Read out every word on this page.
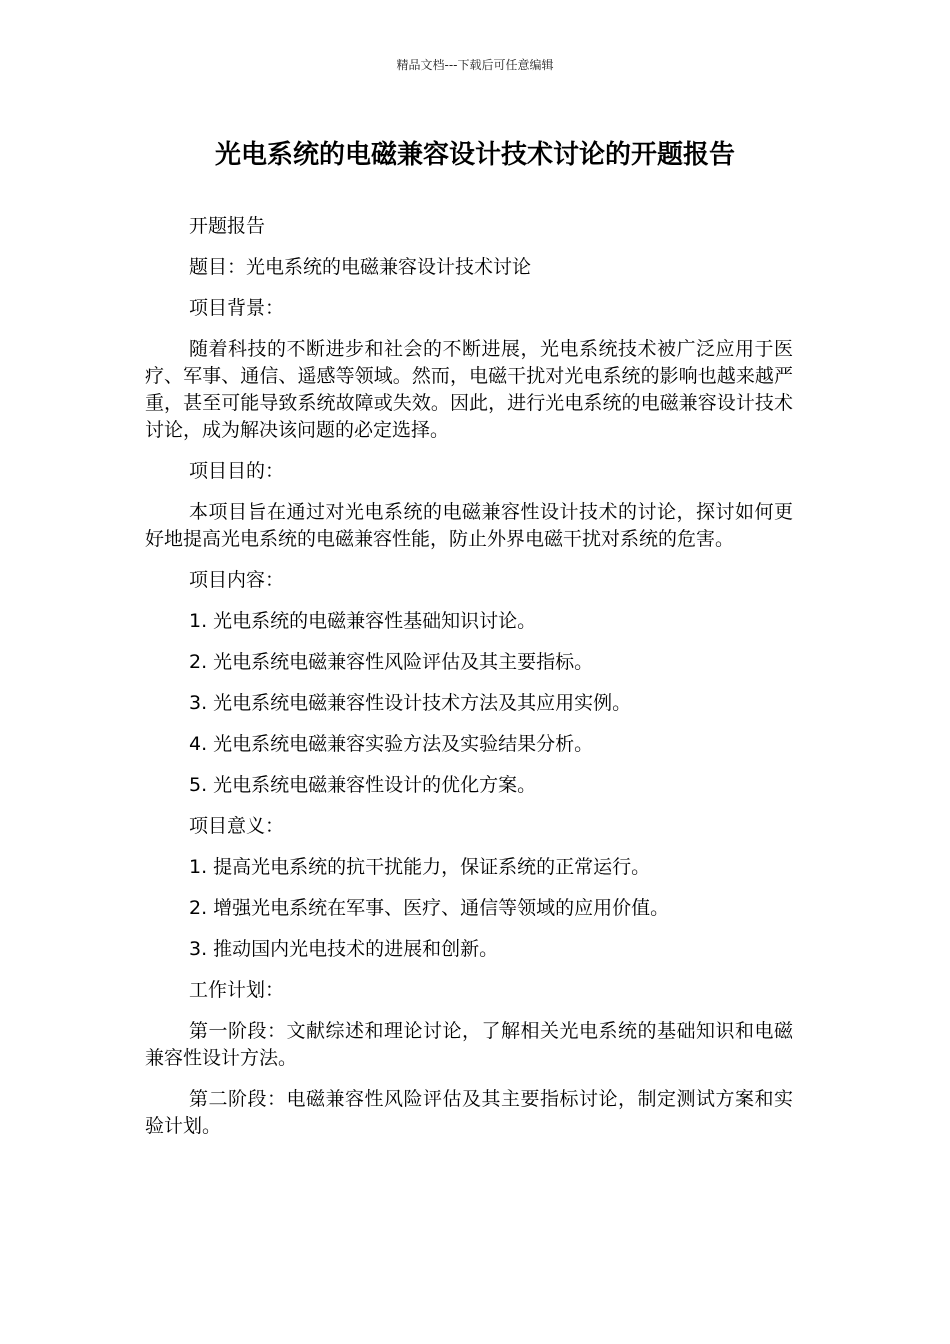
精品文档---下载后可任意编辑
光电系统的电磁兼容设计技术讨论的开题报告

开题报告

题目：光电系统的电磁兼容设计技术讨论

项目背景：

随着科技的不断进步和社会的不断进展，光电系统技术被广泛应用于医疗、军事、通信、遥感等领域。然而，电磁干扰对光电系统的影响也越来越严重，甚至可能导致系统故障或失效。因此，进行光电系统的电磁兼容设计技术讨论，成为解决该问题的必定选择。

项目目的：

本项目旨在通过对光电系统的电磁兼容性设计技术的讨论，探讨如何更好地提高光电系统的电磁兼容性能，防止外界电磁干扰对系统的危害。

项目内容：

1. 光电系统的电磁兼容性基础知识讨论。

2. 光电系统电磁兼容性风险评估及其主要指标。

3. 光电系统电磁兼容性设计技术方法及其应用实例。

4. 光电系统电磁兼容实验方法及实验结果分析。

5. 光电系统电磁兼容性设计的优化方案。

项目意义：

1. 提高光电系统的抗干扰能力，保证系统的正常运行。

2. 增强光电系统在军事、医疗、通信等领域的应用价值。

3. 推动国内光电技术的进展和创新。

工作计划：

第一阶段：文献综述和理论讨论，了解相关光电系统的基础知识和电磁兼容性设计方法。

第二阶段：电磁兼容性风险评估及其主要指标讨论，制定测试方案和实验计划。
